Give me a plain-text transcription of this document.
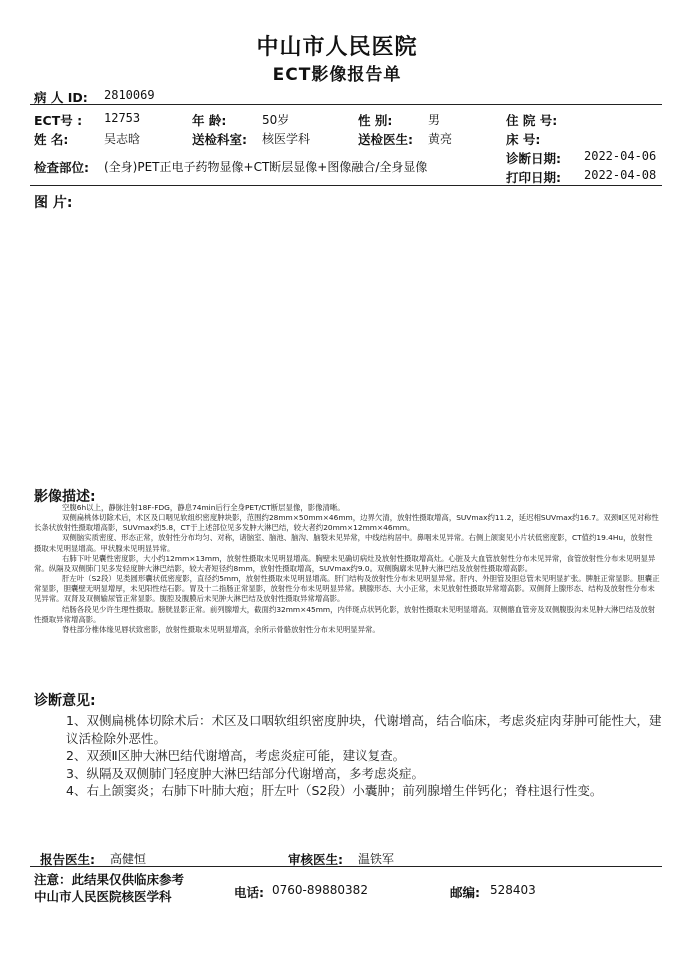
中山市人民医院
ECT影像报告单
病 人 ID: 2810069
ECT号 : 12753	年 龄:	50岁	性 别:	男	住 院 号:
姓 名:	吴志晗	送检科室: 核医学科	送检医生: 黄亮	床 号:
检查部位: (全身)PET正电子药物显像+CT断层显像+图像融合/全身显像
诊断日期: 2022-04-06
打印日期: 2022-04-08
图 片:
影像描述:

空腹6h以上，静脉注射18F-FDG，静息74min后行全身PET/CT断层显像，影像清晰。

双侧扁桃体切除术后，术区及口咽见软组织密度肿块影，范围约28mm×50mm×46mm，边界欠清，放射性摄取增高，SUVmax约11.2，延迟相SUVmax约16.7。双颈Ⅱ区见对称性长条状放射性摄取增高影，SUVmax约5.8，CT于上述部位见多发肿大淋巴结，较大者约20mm×12mm×46mm。

双侧脑实质密度、形态正常，放射性分布均匀、对称，诸脑室、脑池、脑沟、脑裂未见异常，中线结构居中。鼻咽未见异常。右侧上颌窦见小片状低密度影，CT值约19.4Hu，放射性摄取未见明显增高。甲状腺未见明显异常。

右肺下叶见囊性密度影，大小约12mm×13mm，放射性摄取未见明显增高。胸壁未见确切病灶及放射性摄取增高灶。心脏及大血管放射性分布未见异常，食管放射性分布未见明显异常。纵隔及双侧肺门见多发轻度肿大淋巴结影，较大者短径约8mm，放射性摄取增高，SUVmax约9.0。双侧胸廓未见肿大淋巴结及放射性摄取增高影。

肝左叶（S2段）见类圆形囊状低密度影，直径约5mm，放射性摄取未见明显增高。肝门结构及放射性分布未见明显异常。肝内、外胆管及胆总管未见明显扩张。脾脏正常显影。胆囊正常显影，胆囊壁无明显增厚，未见阳性结石影。胃及十二指肠正常显影，放射性分布未见明显异常。胰腺形态、大小正常，未见放射性摄取异常增高影。双侧肾上腺形态、结构及放射性分布未见异常。双肾及双侧输尿管正常显影。腹腔及腹膜后未见肿大淋巴结及放射性摄取异常增高影。

结肠各段见少许生理性摄取。膀胱显影正常。前列腺增大，截面约32mm×45mm，内伴斑点状钙化影，放射性摄取未见明显增高。双侧髂血管旁及双侧腹股沟未见肿大淋巴结及放射性摄取异常增高影。

脊柱部分椎体缘见唇状致密影，放射性摄取未见明显增高，余所示骨骼放射性分布未见明显异常。

诊断意见:

1、双侧扁桃体切除术后：术区及口咽软组织密度肿块，代谢增高，结合临床，考虑炎症肉芽肿可能性大，建议活检除外恶性。

2、双颈Ⅱ区肿大淋巴结代谢增高，考虑炎症可能，建议复查。

3、纵隔及双侧肺门轻度肿大淋巴结部分代谢增高，多考虑炎症。

4、右上颌窦炎；右肺下叶肺大疱；肝左叶（S2段）小囊肿；前列腺增生伴钙化；脊柱退行性变。

报告医生: 高健恒	审核医生: 温铁军
注意：此结果仅供临床参考
中山市人民医院核医学科	电话: 0760-89880382	邮编: 528403
